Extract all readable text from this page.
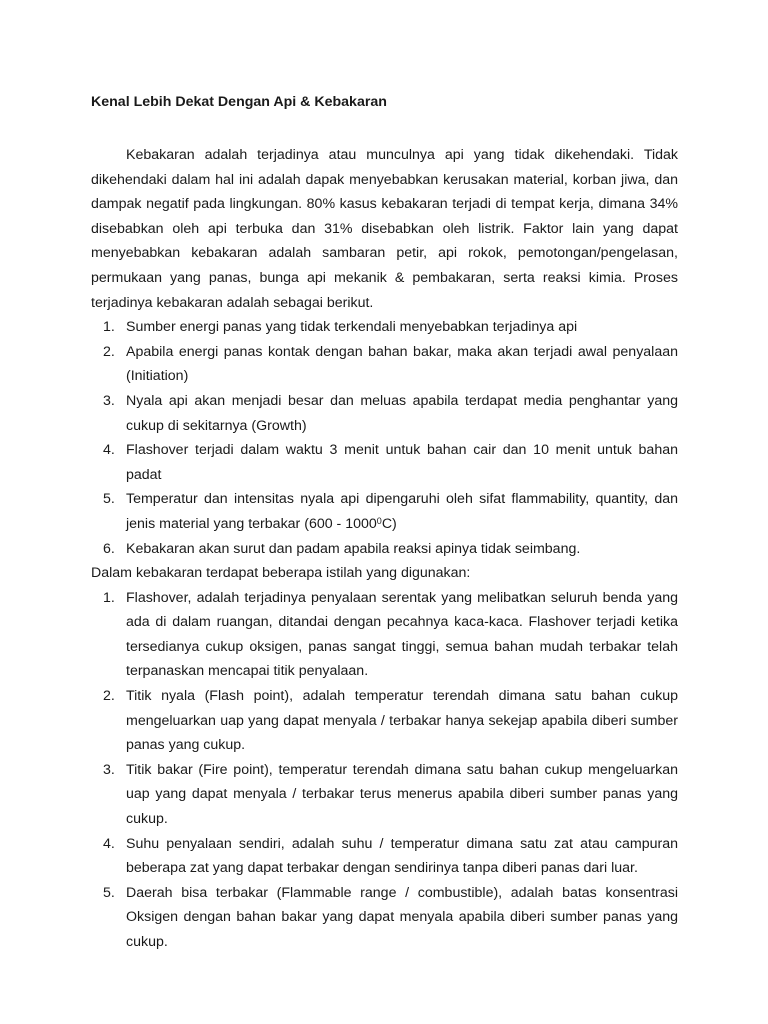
Kenal Lebih Dekat Dengan Api & Kebakaran

Kebakaran adalah terjadinya atau munculnya api yang tidak dikehendaki. Tidak dikehendaki dalam hal ini adalah dapak menyebabkan kerusakan material, korban jiwa, dan dampak negatif pada lingkungan. 80% kasus kebakaran terjadi di tempat kerja, dimana 34% disebabkan oleh api terbuka dan 31% disebabkan oleh listrik. Faktor lain yang dapat menyebabkan kebakaran adalah sambaran petir, api rokok, pemotongan/pengelasan, permukaan yang panas, bunga api mekanik & pembakaran, serta reaksi kimia. Proses terjadinya kebakaran adalah sebagai berikut.

1. Sumber energi panas yang tidak terkendali menyebabkan terjadinya api
2. Apabila energi panas kontak dengan bahan bakar, maka akan terjadi awal penyalaan (Initiation)
3. Nyala api akan menjadi besar dan meluas apabila terdapat media penghantar yang cukup di sekitarnya (Growth)
4. Flashover terjadi dalam waktu 3 menit untuk bahan cair dan 10 menit untuk bahan padat
5. Temperatur dan intensitas nyala api dipengaruhi oleh sifat flammability, quantity, dan jenis material yang terbakar (600 - 1000$^0$C)
6. Kebakaran akan surut dan padam apabila reaksi apinya tidak seimbang.

Dalam kebakaran terdapat beberapa istilah yang digunakan:

1. Flashover, adalah terjadinya penyalaan serentak yang melibatkan seluruh benda yang ada di dalam ruangan, ditandai dengan pecahnya kaca-kaca. Flashover terjadi ketika tersedianya cukup oksigen, panas sangat tinggi, semua bahan mudah terbakar telah terpanaskan mencapai titik penyalaan.
2. Titik nyala (Flash point), adalah temperatur terendah dimana satu bahan cukup mengeluarkan uap yang dapat menyala / terbakar hanya sekejap apabila diberi sumber panas yang cukup.
3. Titik bakar (Fire point), temperatur terendah dimana satu bahan cukup mengeluarkan uap yang dapat menyala / terbakar terus menerus apabila diberi sumber panas yang cukup.
4. Suhu penyalaan sendiri, adalah suhu / temperatur dimana satu zat atau campuran beberapa zat yang dapat terbakar dengan sendirinya tanpa diberi panas dari luar.
5. Daerah bisa terbakar (Flammable range / combustible), adalah batas konsentrasi Oksigen dengan bahan bakar yang dapat menyala apabila diberi sumber panas yang cukup.
